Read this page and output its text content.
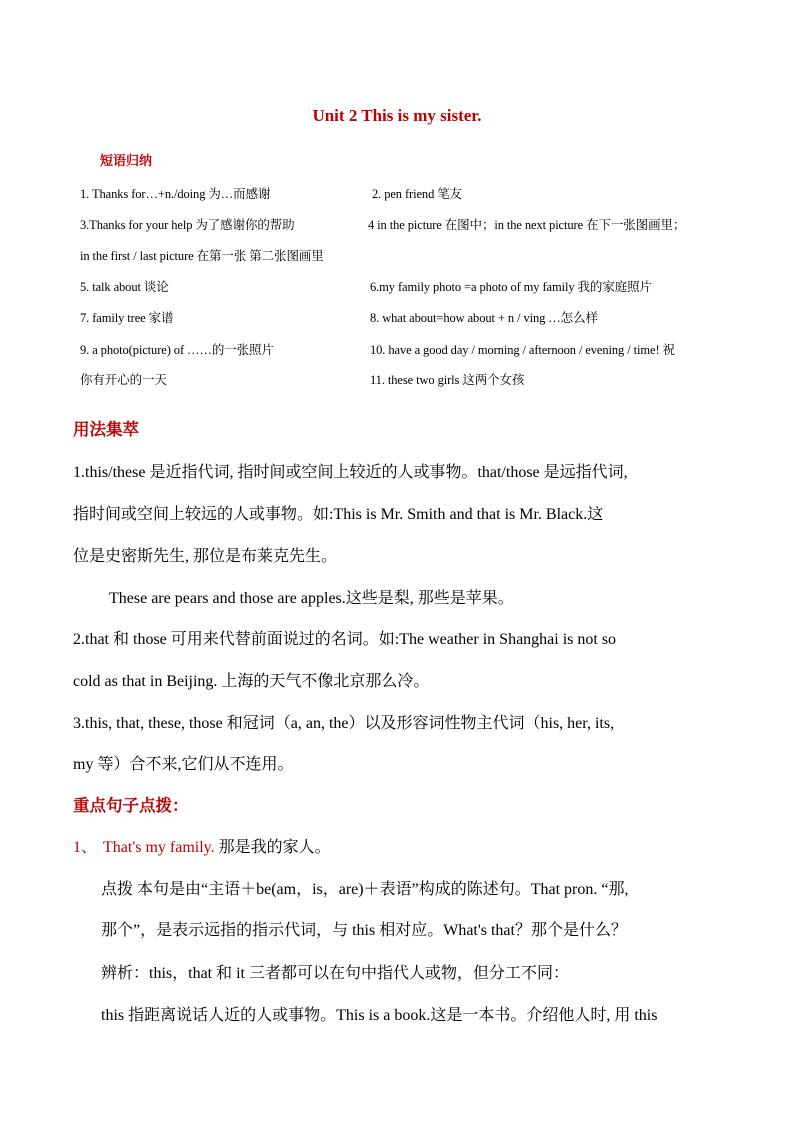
Unit 2 This is my sister.
短语归纳
1. Thanks for…+n./doing 为…而感谢	2. pen friend 笔友
3.Thanks for your help 为了感谢你的帮助	4 in the picture 在图中；in the next picture 在下一张图画里；
in the first / last picture 在第一张 第二张图画里
5. talk about 谈论	6.my family photo =a photo of my family 我的家庭照片
7. family tree 家谱	8. what about=how about + n / ving …怎么样
9. a photo(picture) of ……的一张照片	10. have a good day / morning / afternoon / evening / time! 祝
你有开心的一天	11. these two girls 这两个女孩
用法集萃
1.this/these 是近指代词, 指时间或空间上较近的人或事物。that/those 是远指代词,
指时间或空间上较远的人或事物。如:This is Mr. Smith and that is Mr. Black.这
位是史密斯先生, 那位是布莱克先生。
These are pears and those are apples.这些是梨, 那些是苹果。
2.that 和 those 可用来代替前面说过的名词。如:The weather in Shanghai is not so
cold as that in Beijing. 上海的天气不像北京那么冷。
3.this, that, these, those 和冠词（a, an, the）以及形容词性物主代词（his, her, its,
my 等）合不来,它们从不连用。
重点句子点拨：
1、 That's my family. 那是我的家人。
点拨 本句是由“主语＋be(am，is，are)＋表语”构成的陈述句。That pron. “那,
那个”，是表示远指的指示代词，与 this 相对应。What's that？那个是什么？
辨析：this，that 和 it 三者都可以在句中指代人或物，但分工不同：
this 指距离说话人近的人或事物。This is a book.这是一本书。介绍他人时, 用 this
